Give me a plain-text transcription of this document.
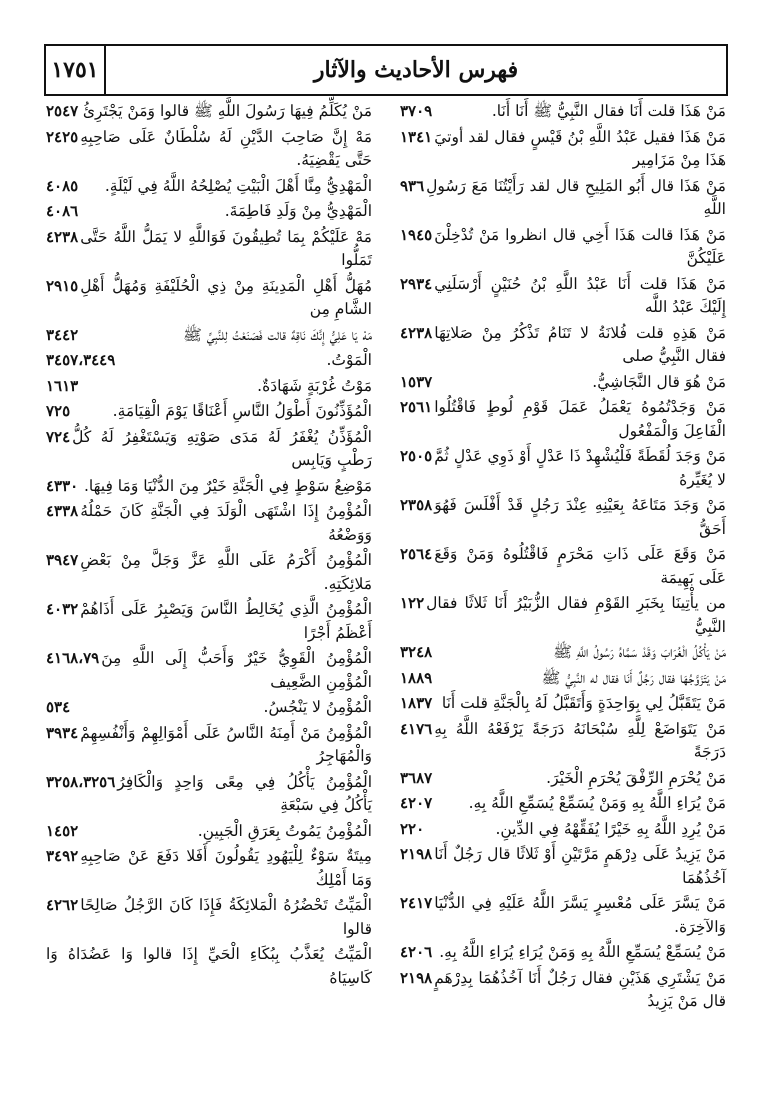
١٧٥١	فهرس الأحاديث والآثار
٣٧٠٩	مَنْ هَذَا قلت أَنَا فقال النَّبِيُّ ﷺ أَنَا أَنَا.
١٣٤١ مَنْ هَذَا فقيل عَبْدُ اللَّهِ بْنُ قَيْسٍ فقال لقد أوتيَ هَذَا مِنْ مَزَامِير
٩٣٦ مَنْ هَذَا قال أَبُو المَلِيحِ قال لقد رَأَيْتُنَا مَعَ رَسُولِ اللَّهِ
١٩٤٥ مَنْ هَذَا قالت هَذَا أَخِي قال انظروا مَنْ تُدْخِلْنَ عَلَيْكُنَّ
٢٩٣٤ مَنْ هَذَا قلت أَنَا عَبْدُ اللَّهِ بْنُ حُنَيْنٍ أَرْسَلَنِي إِلَيْكَ عَبْدُ اللَّه
٤٢٣٨ مَنْ هَذِهِ قلت فُلانَةُ لا تَنَامُ تَذْكُرُ مِنْ صَلاتِهَا فقال النَّبِيُّ صلى
١٥٣٧	مَنْ هُوَ قال النَّجَاشِيُّ.
٢٥٦١ مَنْ وَجَدْتُمُوهُ يَعْمَلُ عَمَلَ قَوْمِ لُوطٍ فَاقْتُلُوا الْفَاعِلَ وَالْمَفْعُول
٢٥٠٥ مَنْ وَجَدَ لُقَطَةً فَلْيُشْهِدْ ذَا عَدْلٍ أَوْ ذَوِي عَدْلٍ ثُمَّ لا يُغَيِّرهُ
٢٣٥٨ مَنْ وَجَدَ مَتَاعَهُ بِعَيْنِهِ عِنْدَ رَجُلٍ قَدْ أَفْلَسَ فَهُوَ أَحَقُّ
٢٥٦٤ مَنْ وَقَعَ عَلَى ذَاتِ مَحْرَمٍ فَاقْتُلُوهُ وَمَنْ وَقَعَ عَلَى بَهِيمَة
١٢٢ من يأْتِينَا بِخَبَرِ القَوْمِ فقال الزُّبَيْرُ أَنَا ثَلاثًا فقال النَّبِيُّ
٣٢٤٨	مَنْ يَأْكُلُ الْغُرَابَ وَقَدْ سَمَّاهُ رَسُولُ اللَّهِ ﷺ
١٨٨٩	مَنْ يَتَزَوَّجُهَا فقال رَجُلٌ أَنَا فقال له النَّبِيُّ ﷺ
١٨٣٧ مَنْ يَتَقَبَّلُ لِي بِوَاحِدَةٍ وَأَتَقَبَّلُ لَهُ بِالْجَنَّةِ قلت أَنَا
٤١٧٦ مَنْ يَتَوَاضَعْ لِلَّهِ سُبْحَانَهُ دَرَجَةً يَرْفَعْهُ اللَّهُ بِهِ دَرَجَةً
٣٦٨٧	مَنْ يُحْرَمِ الرِّفْقَ يُحْرَمِ الْخَيْرَ.
٤٢٠٧ مَنْ يُرَاءِ اللَّهُ بِهِ وَمَنْ يُسَمِّعْ يُسَمِّعِ اللَّهُ بِهِ.
٢٢٠	مَنْ يُرِدِ اللَّهُ بِهِ خَيْرًا يُفَقِّهْهُ فِي الدِّينِ.
٢١٩٨ مَنْ يَزِيدُ عَلَى دِرْهَمٍ مَرَّتَيْنِ أَوْ ثَلاثًا قال رَجُلٌ أَنَا آخُذُهُمَا
٢٤١٧ مَنْ يَسَّرَ عَلَى مُعْسِرٍ يَسَّرَ اللَّهُ عَلَيْهِ فِي الدُّنْيَا وَالآخِرَة.
٤٢٠٦ مَنْ يُسَمِّعْ يُسَمِّعِ اللَّهُ بِهِ وَمَنْ يُرَاءِ يُرَاءِ اللَّهُ بِهِ.
٢١٩٨ مَنْ يَشْتَرِي هَذَيْنِ فقال رَجُلٌ أَنَا آخُذُهُمَا بِدِرْهَمٍ قال مَنْ يَزِيدُ
٢٥٤٧ مَنْ يُكَلِّمُ فِيهَا رَسُولَ اللَّهِ ﷺ قالوا وَمَنْ يَجْتَرِئُ
٢٤٢٥ مَهْ إِنَّ صَاحِبَ الدَّيْنِ لَهُ سُلْطَانٌ عَلَى صَاحِبِهِ حَتَّى يَقْضِيَهُ.
٤٠٨٥ الْمَهْدِيُّ مِنَّا أَهْلَ الْبَيْتِ يُصْلِحُهُ اللَّهُ فِي لَيْلَةٍ.
٤٠٨٦	الْمَهْدِيُّ مِنْ وَلَدِ فَاطِمَةَ.
٤٢٣٨ مَهْ عَلَيْكُمْ بِمَا تُطِيقُونَ فَوَاللَّهِ لا يَمَلُّ اللَّهُ حَتَّى تَمَلُّوا
٢٩١٥ مُهَلُّ أَهْلِ الْمَدِينَةِ مِنْ ذِي الْحُلَيْفَةِ وَمُهَلُّ أَهْلِ الشَّامِ مِن
٣٤٤٢	مَهْ يَا عَلِيُّ إِنَّكَ نَاقِهٌ قالت فَصَنَعْتُ لِلنَّبِيِّ ﷺ
٣٤٥٧،٣٤٤٩	الْمَوْتُ.
١٦١٣	مَوْتُ غُرْبَةٍ شَهَادَةٌ.
٧٢٥	الْمُؤَذِّنُونَ أَطْوَلُ النَّاسِ أَعْنَاقًا يَوْمَ الْقِيَامَةِ.
٧٢٤ الْمُؤَذِّنُ يُغْفَرُ لَهُ مَدَى صَوْتِهِ وَيَسْتَغْفِرُ لَهُ كُلُّ رَطْبٍ وَيَابِس
٤٣٣٠ مَوْضِعُ سَوْطٍ فِي الْجَنَّةِ خَيْرٌ مِنَ الدُّنْيَا وَمَا فِيهَا.
٤٣٣٨ الْمُؤْمِنُ إِذَا اشْتَهَى الْوَلَدَ فِي الْجَنَّةِ كَانَ حَمْلُهُ وَوَضْعُهُ
٣٩٤٧ الْمُؤْمِنُ أَكْرَمُ عَلَى اللَّهِ عَزَّ وَجَلَّ مِنْ بَعْضِ مَلائِكَتِهِ.
٤٠٣٢ الْمُؤْمِنُ الَّذِي يُخَالِطُ النَّاسَ وَيَصْبِرُ عَلَى أَذَاهُمْ أَعْظَمُ أَجْرًا
٤١٦٨،٧٩ الْمُؤْمِنُ الْقَوِيُّ خَيْرٌ وَأَحَبُّ إِلَى اللَّهِ مِنَ الْمُؤْمِنِ الضَّعِيف
٥٣٤	الْمُؤْمِنُ لا يَنْجُسُ.
٣٩٣٤ الْمُؤْمِنُ مَنْ أَمِنَهُ النَّاسُ عَلَى أَمْوَالِهِمْ وَأَنْفُسِهِمْ وَالْمُهَاجِرُ
٣٢٥٨،٣٢٥٦ الْمُؤْمِنُ يَأْكُلُ فِي مِعًى وَاحِدٍ وَالْكَافِرُ يَأْكُلُ فِي سَبْعَةِ
١٤٥٢	الْمُؤْمِنُ يَمُوتُ بِعَرَقِ الْجَبِينِ.
٣٤٩٢ مِيتَةٌ سَوْءٌ لِلْيَهُودِ يَقُولُونَ أَفَلا دَفَعَ عَنْ صَاحِبِهِ وَمَا أَمْلِكُ
٤٢٦٢ الْمَيِّتُ تَحْضُرُهُ الْمَلائِكَةُ فَإِذَا كَانَ الرَّجُلُ صَالِحًا قالوا
الْمَيِّتُ يُعَذَّبُ بِبُكَاءِ الْحَيِّ إِذَا قالوا وَا عَضُدَاهُ وَا كَاسِيَاهُ
